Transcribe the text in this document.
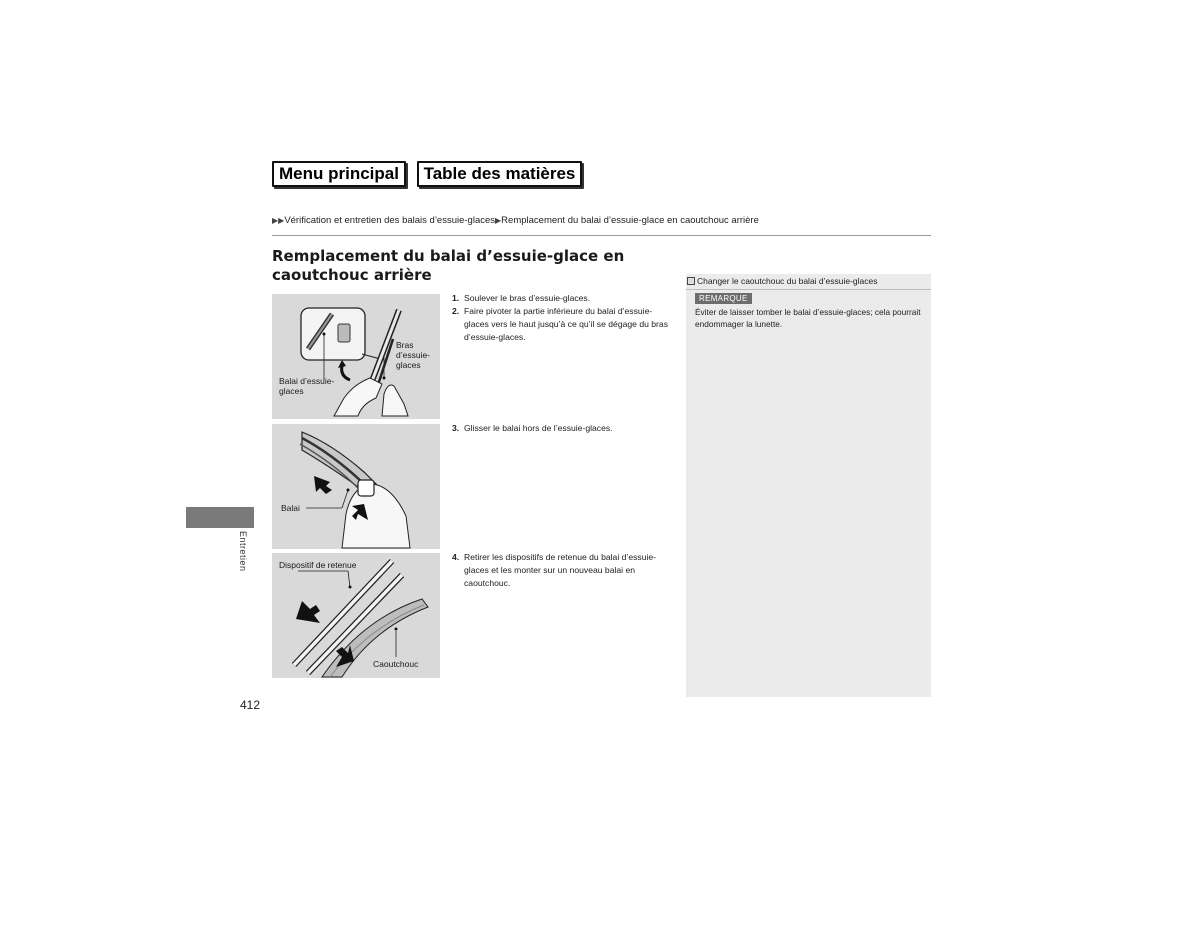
Menu principal	Table des matières
▶▶Vérification et entretien des balais d’essuie-glaces▶Remplacement du balai d’essuie-glace en caoutchouc arrière
Remplacement du balai d’essuie-glace en
caoutchouc arrière
Balai d’essuie-
glaces
Bras
d’essuie-
glaces
1. Soulever le bras d’essuie-glaces.
2. Faire pivoter la partie inférieure du balai d’essuie-glaces vers le haut jusqu’à ce qu’il se dégage du bras d’essuie-glaces.
Balai
3. Glisser le balai hors de l’essuie-glaces.
Dispositif de retenue
Caoutchouc
4. Retirer les dispositifs de retenue du balai d’essuie-glaces et les monter sur un nouveau balai en caoutchouc.
Changer le caoutchouc du balai d’essuie-glaces
REMARQUE
Éviter de laisser tomber le balai d’essuie-glaces; cela pourrait endommager la lunette.
Entretien
412
